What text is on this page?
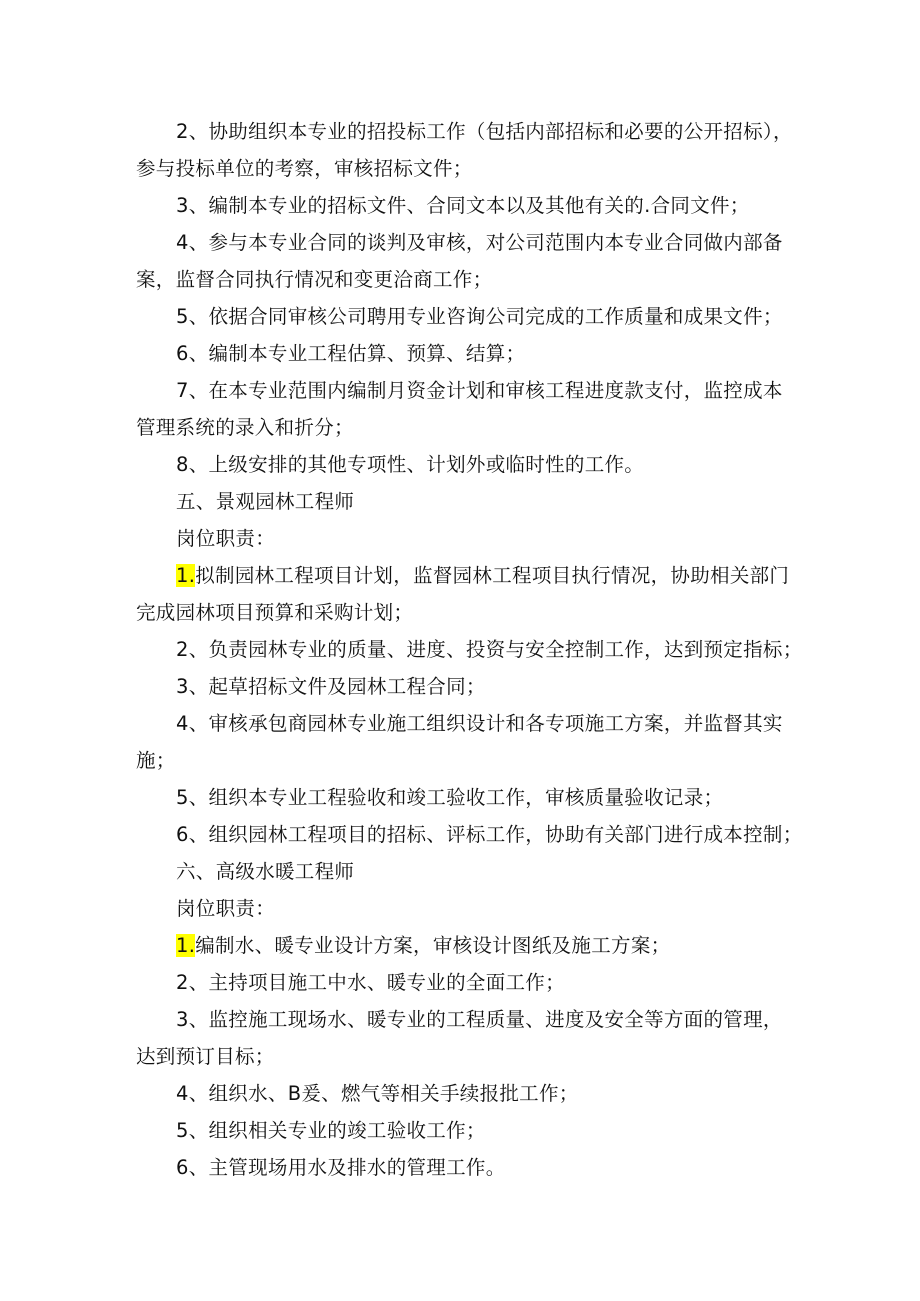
2、协助组织本专业的招投标工作（包括内部招标和必要的公开招标），
参与投标单位的考察，审核招标文件；
3、编制本专业的招标文件、合同文本以及其他有关的.合同文件；
4、参与本专业合同的谈判及审核，对公司范围内本专业合同做内部备
案，监督合同执行情况和变更洽商工作；
5、依据合同审核公司聘用专业咨询公司完成的工作质量和成果文件；
6、编制本专业工程估算、预算、结算；
7、在本专业范围内编制月资金计划和审核工程进度款支付，监控成本
管理系统的录入和折分；
8、上级安排的其他专项性、计划外或临时性的工作。
五、景观园林工程师
岗位职责：
1.拟制园林工程项目计划，监督园林工程项目执行情况，协助相关部门
完成园林项目预算和采购计划；
2、负责园林专业的质量、进度、投资与安全控制工作，达到预定指标；
3、起草招标文件及园林工程合同；
4、审核承包商园林专业施工组织设计和各专项施工方案，并监督其实
施；
5、组织本专业工程验收和竣工验收工作，审核质量验收记录；
6、组织园林工程项目的招标、评标工作，协助有关部门进行成本控制；
六、高级水暖工程师
岗位职责：
1.编制水、暖专业设计方案，审核设计图纸及施工方案；
2、主持项目施工中水、暖专业的全面工作；
3、监控施工现场水、暖专业的工程质量、进度及安全等方面的管理，
达到预订目标；
4、组织水、B爰、燃气等相关手续报批工作；
5、组织相关专业的竣工验收工作；
6、主管现场用水及排水的管理工作。
